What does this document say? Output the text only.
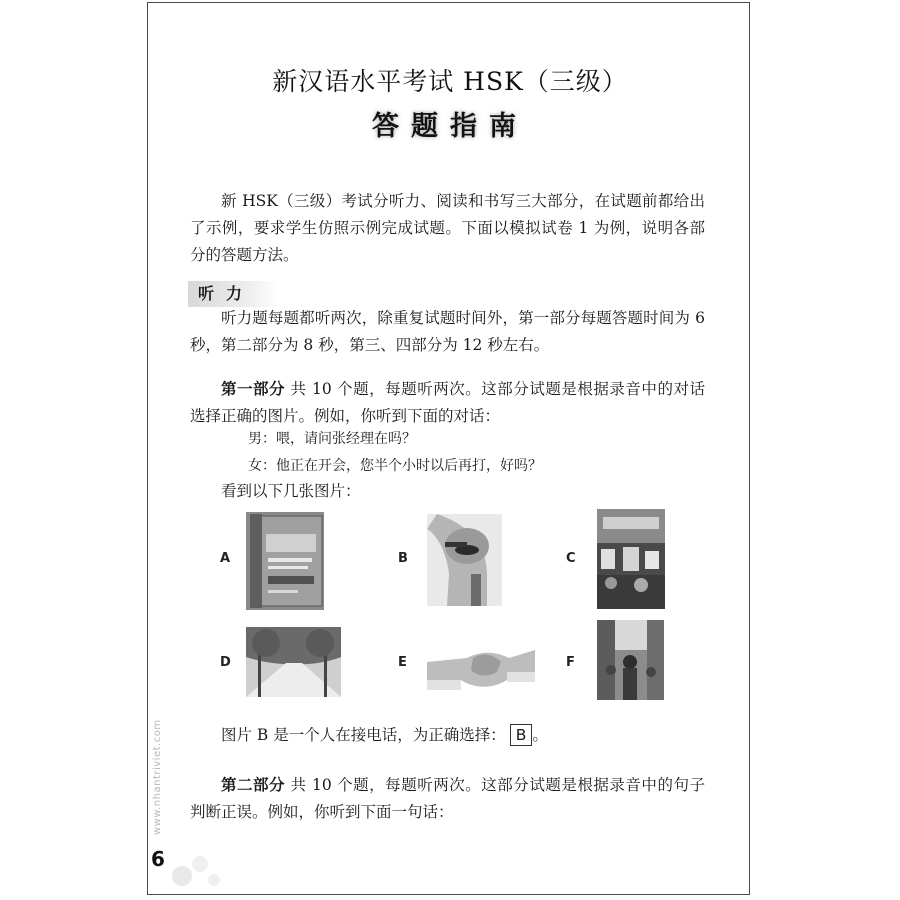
新汉语水平考试 HSK（三级）
答题指南
新 HSK（三级）考试分听力、阅读和书写三大部分，在试题前都给出了示例，要求学生仿照示例完成试题。下面以模拟试卷 1 为例，说明各部分的答题方法。
听力
听力题每题都听两次，除重复试题时间外，第一部分每题答题时间为 6 秒，第二部分为 8 秒，第三、四部分为 12 秒左右。
第一部分 共 10 个题，每题听两次。这部分试题是根据录音中的对话选择正确的图片。例如，你听到下面的对话：
男：喂，请问张经理在吗？
女：他正在开会，您半个小时以后再打，好吗？
看到以下几张图片：
A	B	C
D	E	F
图片 B 是一个人在接电话，为正确选择： B 。
第二部分 共 10 个题，每题听两次。这部分试题是根据录音中的句子判断正误。例如，你听到下面一句话：
www.nhantriviet.com
6
